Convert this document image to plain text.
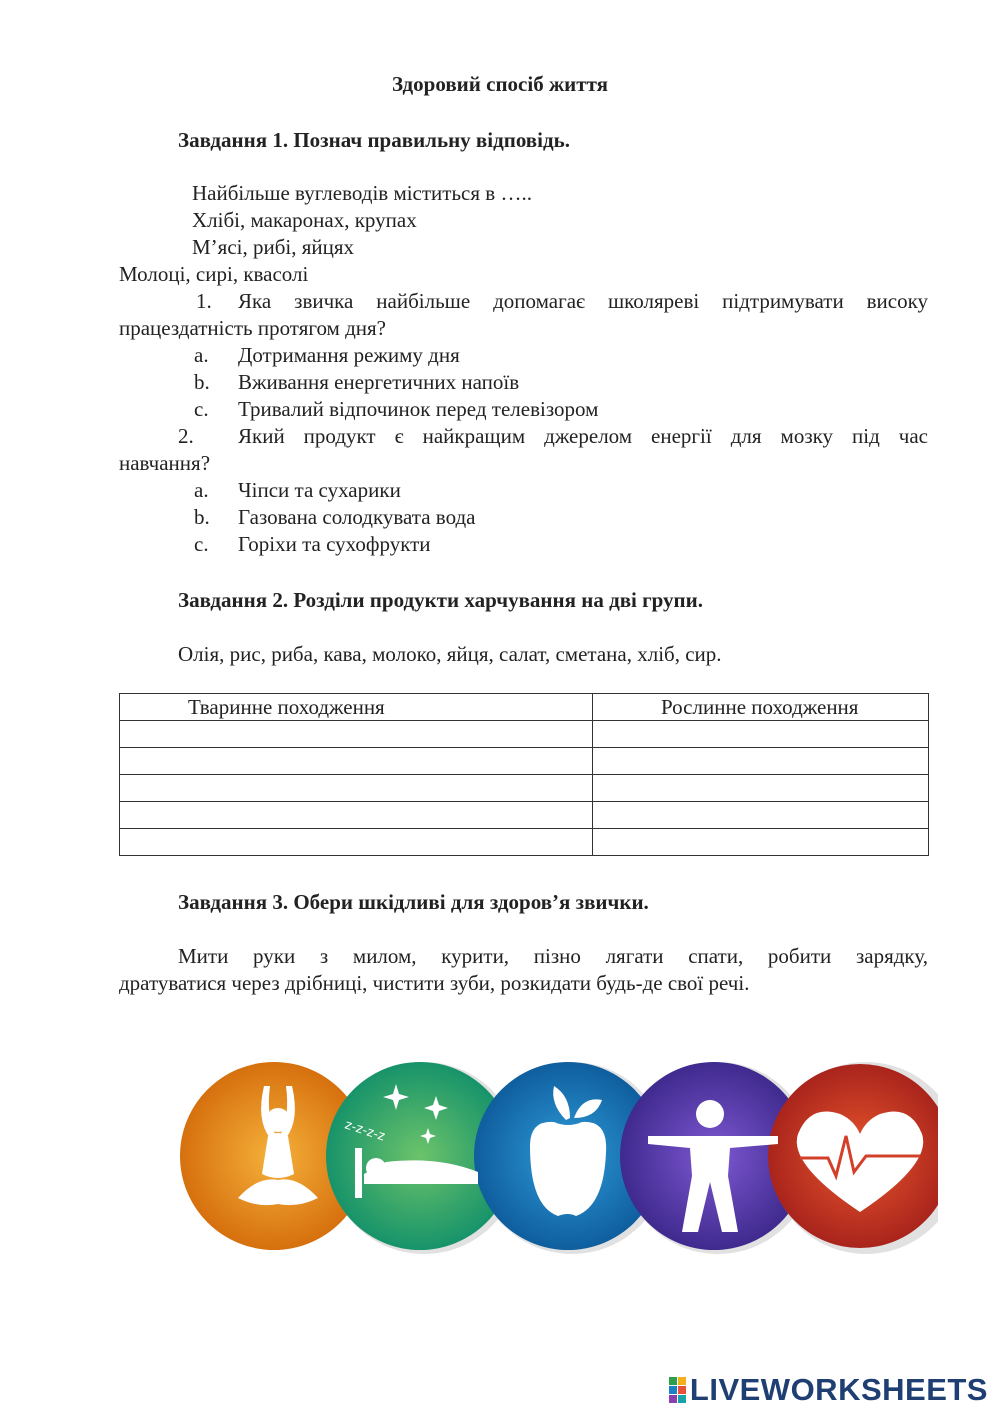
Здоровий спосіб життя
Завдання 1. Познач правильну відповідь.
Найбільше вуглеводів міститься в …..
Хлібі, макаронах, крупах
М’ясі, рибі, яйцях
Молоці, сирі, квасолі
1. Яка звичка найбільше допомагає школяреві підтримувати високу
працездатність протягом дня?
a. Дотримання режиму дня
b. Вживання енергетичних напоїв
c. Тривалий відпочинок перед телевізором
2. Який продукт є найкращим джерелом енергії для мозку під час
навчання?
a. Чіпси та сухарики
b. Газована солодкувата вода
c. Горіхи та сухофрукти
Завдання 2. Розділи продукти харчування на дві групи.
Олія, рис, риба, кава, молоко, яйця, салат, сметана, хліб, сир.
Тваринне походження	Рослинне походження

Завдання 3. Обери шкідливі для здоров’я звички.
Мити руки з милом, курити, пізно лягати спати, робити зарядку,
дратуватися через дрібниці, чистити зуби, розкидати будь-де свої речі.
z-z-z-z
LIVEWORKSHEETS
